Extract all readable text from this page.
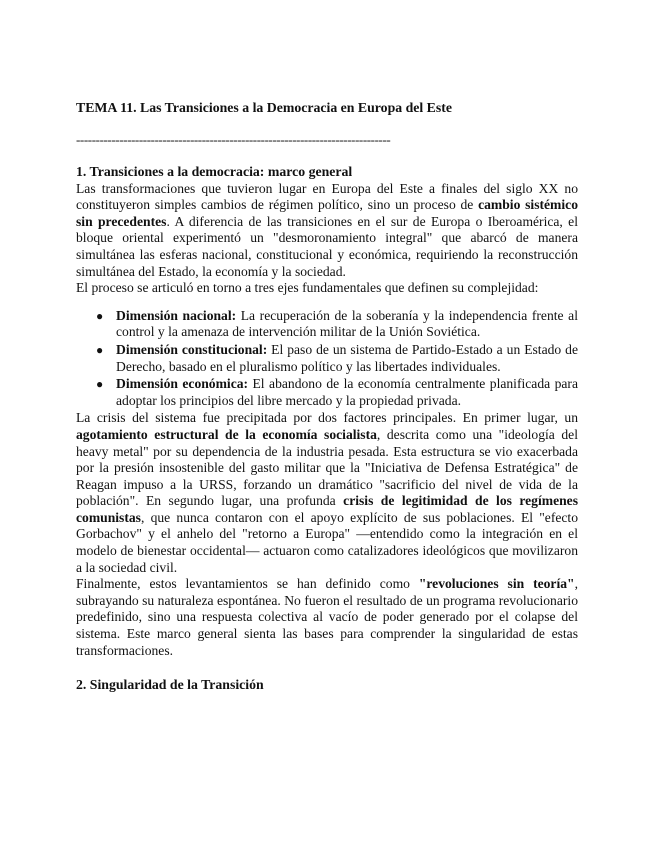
TEMA 11. Las Transiciones a la Democracia en Europa del Este
--------------------------------------------------------------------------------
1. Transiciones a la democracia: marco general

Las transformaciones que tuvieron lugar en Europa del Este a finales del siglo XX no constituyeron simples cambios de régimen político, sino un proceso de cambio sistémico sin precedentes. A diferencia de las transiciones en el sur de Europa o Iberoamérica, el bloque oriental experimentó un "desmoronamiento integral" que abarcó de manera simultánea las esferas nacional, constitucional y económica, requiriendo la reconstrucción simultánea del Estado, la economía y la sociedad.

El proceso se articuló en torno a tres ejes fundamentales que definen su complejidad:

● Dimensión nacional: La recuperación de la soberanía y la independencia frente al control y la amenaza de intervención militar de la Unión Soviética.
● Dimensión constitucional: El paso de un sistema de Partido-Estado a un Estado de Derecho, basado en el pluralismo político y las libertades individuales.
● Dimensión económica: El abandono de la economía centralmente planificada para adoptar los principios del libre mercado y la propiedad privada.

La crisis del sistema fue precipitada por dos factores principales. En primer lugar, un agotamiento estructural de la economía socialista, descrita como una "ideología del heavy metal" por su dependencia de la industria pesada. Esta estructura se vio exacerbada por la presión insostenible del gasto militar que la "Iniciativa de Defensa Estratégica" de Reagan impuso a la URSS, forzando un dramático "sacrificio del nivel de vida de la población". En segundo lugar, una profunda crisis de legitimidad de los regímenes comunistas, que nunca contaron con el apoyo explícito de sus poblaciones. El "efecto Gorbachov" y el anhelo del "retorno a Europa" —entendido como la integración en el modelo de bienestar occidental— actuaron como catalizadores ideológicos que movilizaron a la sociedad civil.

Finalmente, estos levantamientos se han definido como "revoluciones sin teoría", subrayando su naturaleza espontánea. No fueron el resultado de un programa revolucionario predefinido, sino una respuesta colectiva al vacío de poder generado por el colapse del sistema. Este marco general sienta las bases para comprender la singularidad de estas transformaciones.

2. Singularidad de la Transición
